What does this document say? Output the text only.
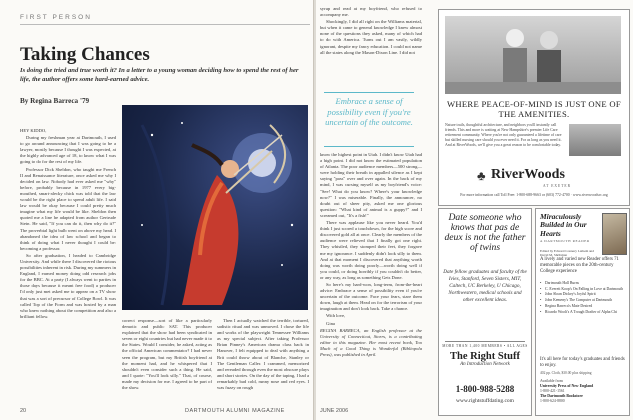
FIRST PERSON
Taking Chances
Is doing the tried and true worth it? In a letter to a young woman deciding how to spend the rest of her life, the author offers some hard-earned advice.
By Regina Barreca '79

HEY KIDDO,

During my freshman year at Dartmouth, I used to go around announcing that I was going to be a lawyer, mostly because I thought I was expected, at the highly advanced age of 18, to know what I was going to do for the rest of my life.

Professor Dick Sheldon, who taught me French II and Renaissance literature, once asked me why I decided on law. Nobody had ever asked me "why" before, probably because in 1977 every big-mouthed, smart-alecky chick was told that the law would be the right place to spend adult life. I said law would be okay because I could pretty much imagine what my life would be like. Sheldon then quoted me a line he adapted from author Gertrude Stein. He said, "If you can do it, then why do it?" The proverbial light bulb went on above my head. I abandoned the idea of law school and began to think of doing what I never thought I could be: becoming a professor.

So after graduation, I headed to Cambridge University. And while there I discovered the riotous possibilities inherent in risk. During my summers in England, I earned money doing odd research jobs for the BBC. At a party (I always went to parties in those days because it meant free food) a producer I'd only just met asked me to appear on a TV show that was a sort of precursor of College Bowl. It was called Top of the Form and was hosted by a man who knew nothing about the competition and also a brilliant fellow.

correct response—sort of like a particularly demotic and public SAT. This producer explained that the show had been syndicated in seven or eight countries but had never made it to the States. Would I consider, he asked, acting as the official American commentator? I had never seen the program, but my British boyfriend at the moment had, and he whispered that I shouldn't even consider such a thing. He said, and I quote: "You'll look silly." That, of course, made my decision for me. I agreed to be part of the show.

Then I actually watched the terrible, tortured, sadistic ritual and was unmoved. I chose the life and works of the playwright Tennessee Williams as my special subject. After taking Professor Brian Pinney's American drama class back in Hanover, I felt equipped to deal with anything a Brit could throw about of Blanche, Stanley or The Gentleman Caller. I crammed, memorized and rereaded through even the most obscure plays and short stories. On the day of the taping, I had a remarkably bad cold, runny nose and red eyes. I was fuzzy on rough

20	DARTMOUTH ALUMNI MAGAZINE

syrup and read at my boyfriend, who refused to accompany me.

Shockingly, I did all right on the Williams material, but when it came to general knowledge I knew almost none of the questions they asked, many of which had to do with America. Turns out I am vastly, wildly ignorant, despite my fancy education. I could not name all the states along the Mason-Dixon Line. I did not

Embrace a sense of possibility even if you're uncertain of the outcome.

know the highest point in Utah. I didn't know Utah had a high point. I did not know the estimated population of Atlanta. The poor audience members—500 strong—were holding their breath in appalled silence as I kept saying "pass" over and over again. In the back of my mind, I was cursing myself as my boyfriend's voice: "See! What do you know? Where's your knowledge now?" I was miserable. Finally, the announcer, no doubt out of sheer pity, asked me one glorious question: "What kind of animal is a guppy?" and I screamed out, "It's a fish!"

There was applause like you never heard. You'd think I just scored a touchdown, for the high score and discovered gold all at once. Clearly the members of the audience were relieved that I finally got one right. They whistled, they stomped their feet, they forgave me my ignorance. I suddenly didn't look silly to them. And at that moment I discovered that anything worth doing was worth doing poorly—worth doing well if you could, or doing horribly if you couldn't do better, or any way, as long as something Gets Done.

So here's my hard-won, long-term, from-the-heart advice: Embrace a sense of possibility even if you're uncertain of the outcome. Face your fears, stare them down, laugh at them. Head on for the terrorism of your imagination and don't look back. Take a chance.

With love,

Gina

REGINA BARRECA, an English professor at the University of Connecticut, Storrs, is a contributing editor to this magazine. Her most recent book, Too Much of a Good Thing is Wonderful (Bibliopola Press), was published in April.

JUNE 2006
WHERE PEACE-OF-MIND IS JUST ONE OF THE AMENITIES.
Nature trails, thoughtful architecture, and neighbors you'll instantly call friends. This and more is waiting at New Hampshire's premier Life Care retirement community. Where you're not only guaranteed a lifetime of care but skilled nursing care should you ever need it. For as long as you need it. And at RiverWoods, we'll give you a great reason to be comfortable today.
♣ RiverWoods
AT EXETER
For more information call Toll Free: 1-800-688-9663 or (603) 772-4700 · www.riverwoodsrc.org
Date someone who knows that pas de deux is not the father of twins
Date fellow graduates and faculty of the Ivies, Stanford, Seven Sisters, MIT, Caltech, UC Berkeley, U Chicago, Northwestern, medical schools and other excellent ideas.
MORE THAN 1,400 MEMBERS • ALL AGES
The Right Stuff
An Introduction Network
1-800-988-5288
www.rightstuffdating.com
Miraculously Builded in Our Hearts
A DARTMOUTH READER
Edited by Edward Connery Lathem and David M. Shribman
A lively and varied new Reader offers 71 memorable pieces on the 20th-century College experience
• Dartmouth Hall Burns
• C. Everett Koop's On Falling in Love at Dartmouth
• John Sloan Dickey's Joyful Spirit
• John Kemeny's The Computer at Dartmouth
• Regina Barreca's Mate Desired
• Ricardo Woolt's A Trough Drafter of Alpha Chi
It's all here for today's graduates and friends to enjoy.
402 pp. Cloth, $30.00 plus shipping
Available from
University Press of New England
1-800-421-1561
The Dartmouth Bookstore
1-800-624-8800
